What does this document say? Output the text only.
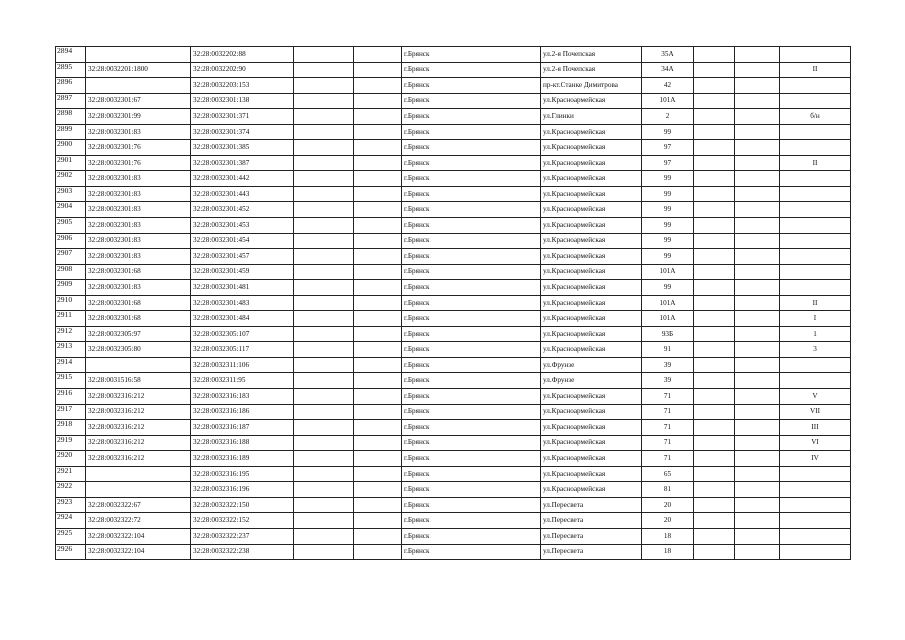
2894		32:28:0032202:88			г.Брянск	ул.2-я Почепская	35А			
2895	32:28:0032201:1800	32:28:0032202:90			г.Брянск	ул.2-я Почепская	34А			II
2896		32:28:0032203:153			г.Брянск	пр-кт.Станке Димитрова	42			
2897	32:28:0032301:67	32:28:0032301:138			г.Брянск	ул.Красноармейская	101А			
2898	32:28:0032301:99	32:28:0032301:371			г.Брянск	ул.Глинки	2			б/н
2899	32:28:0032301:83	32:28:0032301:374			г.Брянск	ул.Красноармейская	99			
2900	32:28:0032301:76	32:28:0032301:385			г.Брянск	ул.Красноармейская	97			
2901	32:28:0032301:76	32:28:0032301:387			г.Брянск	ул.Красноармейская	97			II
2902	32:28:0032301:83	32:28:0032301:442			г.Брянск	ул.Красноармейская	99			
2903	32:28:0032301:83	32:28:0032301:443			г.Брянск	ул.Красноармейская	99			
2904	32:28:0032301:83	32:28:0032301:452			г.Брянск	ул.Красноармейская	99			
2905	32:28:0032301:83	32:28:0032301:453			г.Брянск	ул.Красноармейская	99			
2906	32:28:0032301:83	32:28:0032301:454			г.Брянск	ул.Красноармейская	99			
2907	32:28:0032301:83	32:28:0032301:457			г.Брянск	ул.Красноармейская	99			
2908	32:28:0032301:68	32:28:0032301:459			г.Брянск	ул.Красноармейская	101А			
2909	32:28:0032301:83	32:28:0032301:481			г.Брянск	ул.Красноармейская	99			
2910	32:28:0032301:68	32:28:0032301:483			г.Брянск	ул.Красноармейская	101А			II
2911	32:28:0032301:68	32:28:0032301:484			г.Брянск	ул.Красноармейская	101А			I
2912	32:28:0032305:97	32:28:0032305:107			г.Брянск	ул.Красноармейская	93Б			1
2913	32:28:0032305:80	32:28:0032305:117			г.Брянск	ул.Красноармейская	91			3
2914		32:28:0032311:106			г.Брянск	ул.Фрунзе	39			
2915	32:28:0031516:58	32:28:0032311:95			г.Брянск	ул.Фрунзе	39			
2916	32:28:0032316:212	32:28:0032316:183			г.Брянск	ул.Красноармейская	71			V
2917	32:28:0032316:212	32:28:0032316:186			г.Брянск	ул.Красноармейская	71			VII
2918	32:28:0032316:212	32:28:0032316:187			г.Брянск	ул.Красноармейская	71			III
2919	32:28:0032316:212	32:28:0032316:188			г.Брянск	ул.Красноармейская	71			VI
2920	32:28:0032316:212	32:28:0032316:189			г.Брянск	ул.Красноармейская	71			IV
2921		32:28:0032316:195			г.Брянск	ул.Красноармейская	65			
2922		32:28:0032316:196			г.Брянск	ул.Красноармейская	81			
2923	32:28:0032322:67	32:28:0032322:150			г.Брянск	ул.Пересвета	20			
2924	32:28:0032322:72	32:28:0032322:152			г.Брянск	ул.Пересвета	20			
2925	32:28:0032322:104	32:28:0032322:237			г.Брянск	ул.Пересвета	18			
2926	32:28:0032322:104	32:28:0032322:238			г.Брянск	ул.Пересвета	18			
